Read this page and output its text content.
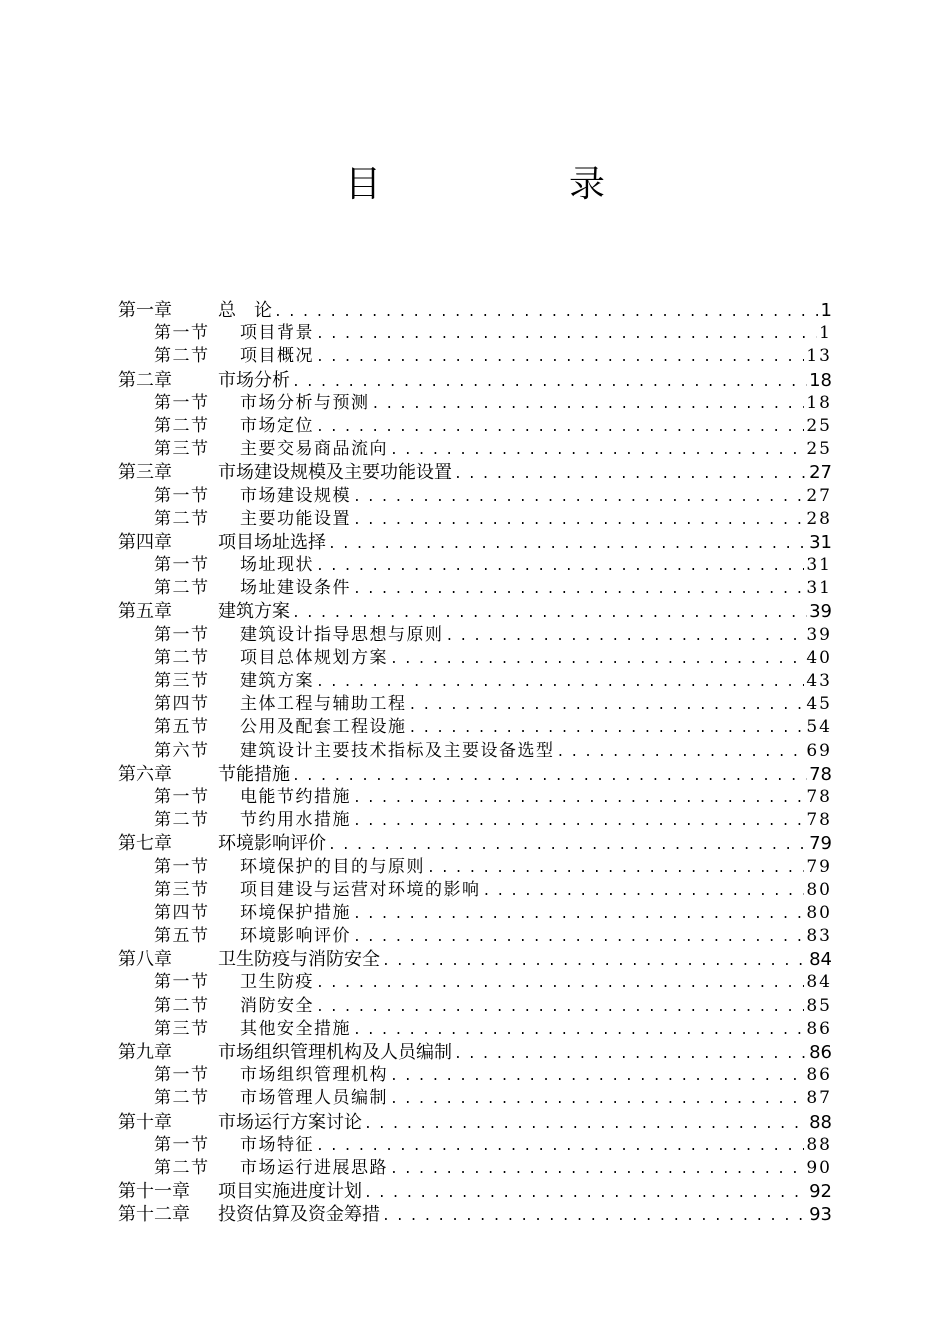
目　录
第一章	总　论 .....	1
第一节	项目背景 .....	1
第二节	项目概况 .....	13
第二章	市场分析 .....	18
第一节	市场分析与预测 .....	18
第二节	市场定位 .....	25
第三节	主要交易商品流向 .....	25
第三章	市场建设规模及主要功能设置 .....	27
第一节	市场建设规模 .....	27
第二节	主要功能设置 .....	28
第四章	项目场址选择 .....	31
第一节	场址现状 .....	31
第二节	场址建设条件 .....	31
第五章	建筑方案 .....	39
第一节	建筑设计指导思想与原则 .....	39
第二节	项目总体规划方案 .....	40
第三节	建筑方案 .....	43
第四节	主体工程与辅助工程 .....	45
第五节	公用及配套工程设施 .....	54
第六节	建筑设计主要技术指标及主要设备选型 .....	69
第六章	节能措施 .....	78
第一节	电能节约措施 .....	78
第二节	节约用水措施 .....	78
第七章	环境影响评价 .....	79
第一节	环境保护的目的与原则 .....	79
第三节	项目建设与运营对环境的影响 .....	80
第四节	环境保护措施 .....	80
第五节	环境影响评价 .....	83
第八章	卫生防疫与消防安全 .....	84
第一节	卫生防疫 .....	84
第二节	消防安全 .....	85
第三节	其他安全措施 .....	86
第九章	市场组织管理机构及人员编制 .....	86
第一节	市场组织管理机构 .....	86
第二节	市场管理人员编制 .....	87
第十章	市场运行方案讨论 .....	88
第一节	市场特征 .....	88
第二节	市场运行进展思路 .....	90
第十一章	项目实施进度计划 .....	92
第十二章	投资估算及资金筹措 .....	93
